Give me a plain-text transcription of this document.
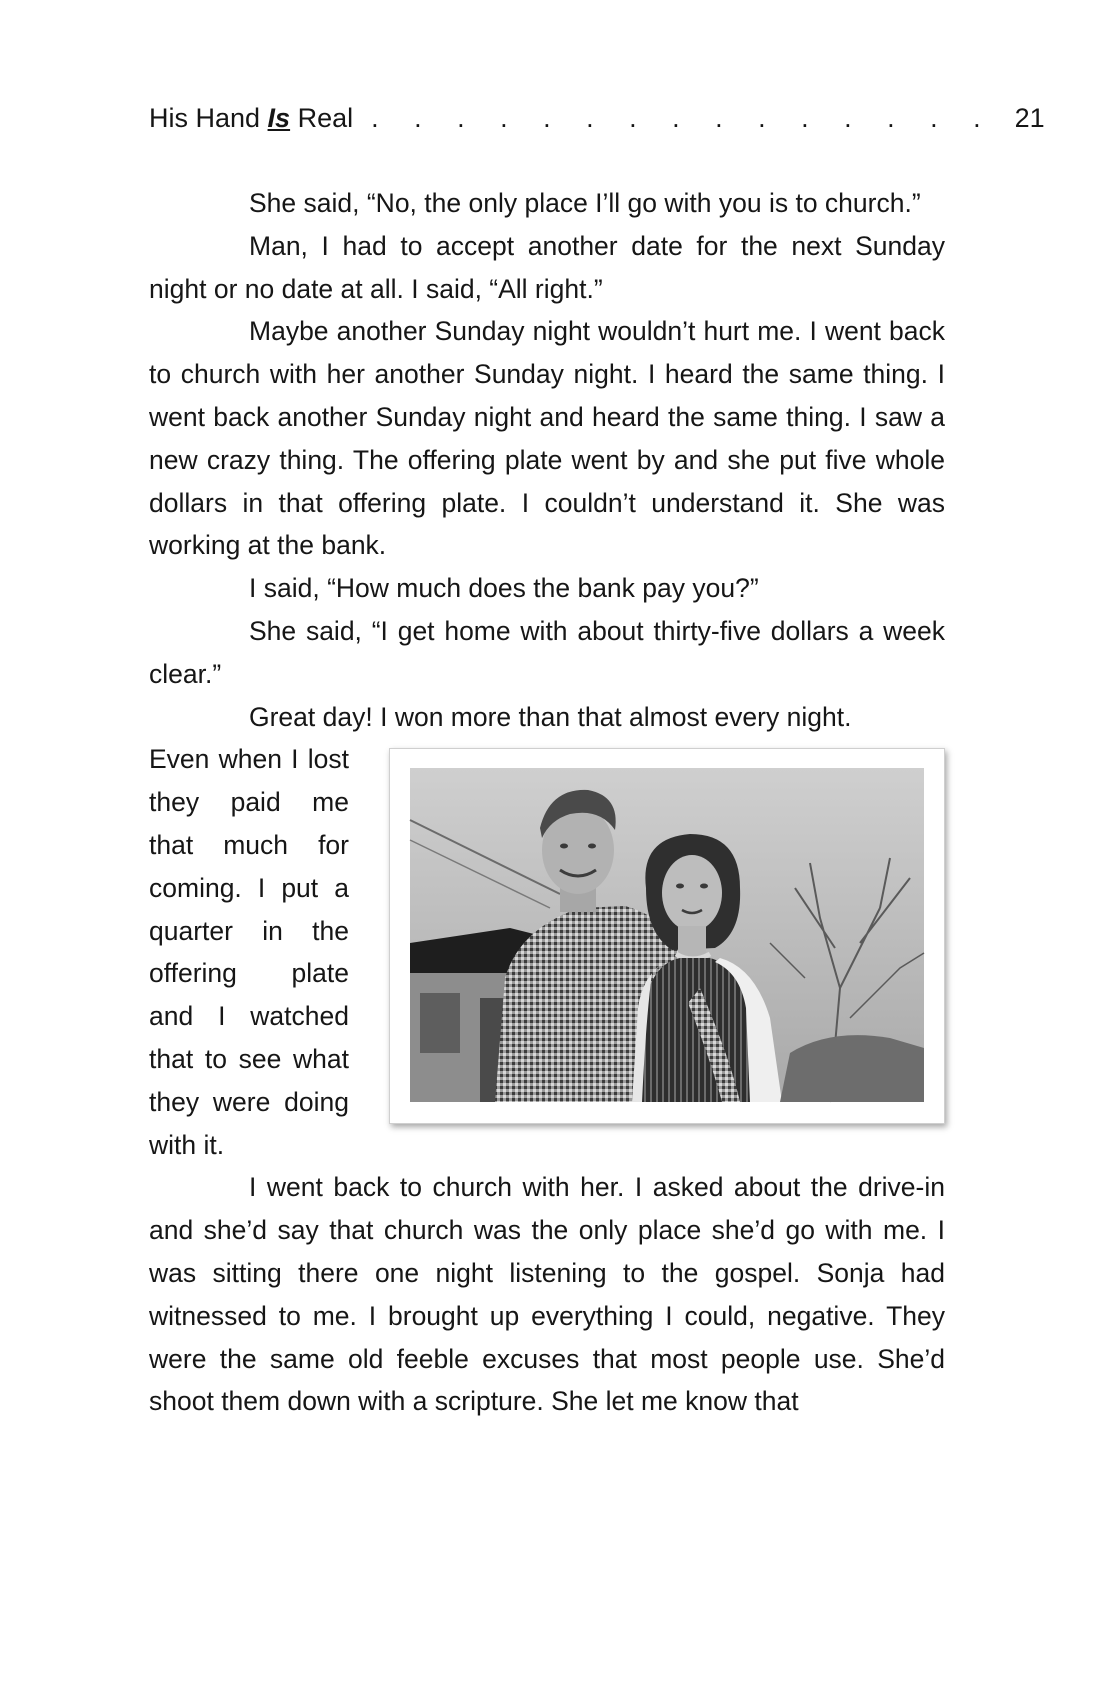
His Hand Is Real . . . . . . . . . . . . . . . 21

She said, “No, the only place I’ll go with you is to church.”

Man, I had to accept another date for the next Sunday night or no date at all. I said, “All right.”

Maybe another Sunday night wouldn’t hurt me. I went back to church with her another Sunday night. I heard the same thing. I went back another Sunday night and heard the same thing. I saw a new crazy thing. The offering plate went by and she put five whole dollars in that offering plate. I couldn’t understand it. She was working at the bank.

I said, “How much does the bank pay you?”

She said, “I get home with about thirty-five dollars a week clear.”

Great day! I won more than that almost every night.

Even when I lost they paid me that much for coming. I put a quarter in the offering plate and I watched that to see what they were doing with it.

I went back to church with her. I asked about the drive-in and she’d say that church was the only place she’d go with me. I was sitting there one night listening to the gospel. Sonja had witnessed to me. I brought up everything I could, negative. They were the same old feeble excuses that most people use. She’d shoot them down with a scripture. She let me know that
